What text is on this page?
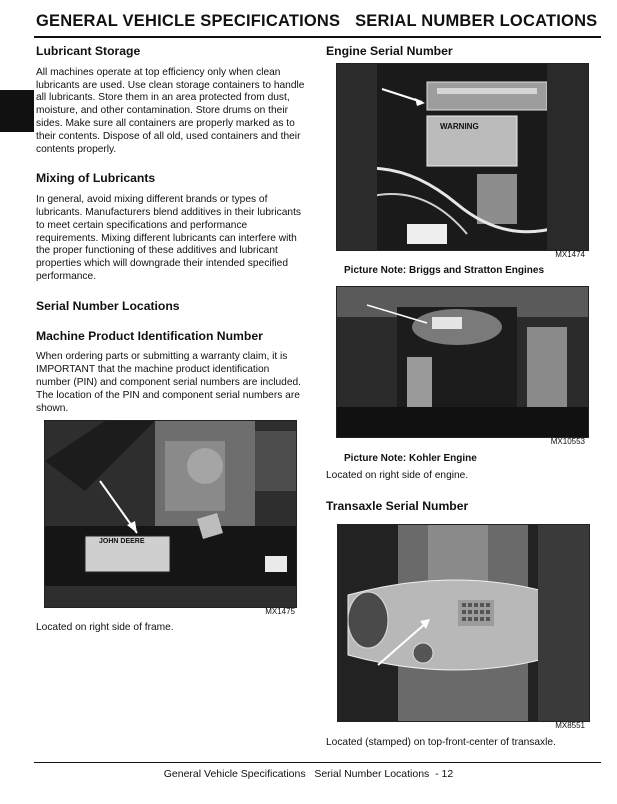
GENERAL VEHICLE SPECIFICATIONS SERIAL NUMBER LOCATIONS

Lubricant Storage

All machines operate at top efficiency only when clean lubricants are used. Use clean storage containers to handle all lubricants. Store them in an area protected from dust, moisture, and other contamination. Store drums on their sides. Make sure all containers are properly marked as to their contents. Dispose of all old, used containers and their contents properly.

Mixing of Lubricants

In general, avoid mixing different brands or types of lubricants. Manufacturers blend additives in their lubricants to meet certain specifications and performance requirements. Mixing different lubricants can interfere with the proper functioning of these additives and lubricant properties which will downgrade their intended specified performance.

Serial Number Locations

Machine Product Identification Number

When ordering parts or submitting a warranty claim, it is IMPORTANT that the machine product identification number (PIN) and component serial numbers are included. The location of the PIN and component serial numbers are shown.

JOHN DEERE
MX1475

Located on right side of frame.

Engine Serial Number

WARNING
MX1474

Picture Note: Briggs and Stratton Engines

MX10553

Picture Note: Kohler Engine

Located on right side of engine.

Transaxle Serial Number

MX8551

Located (stamped) on top-front-center of transaxle.

General Vehicle Specifications   Serial Number Locations  - 12
